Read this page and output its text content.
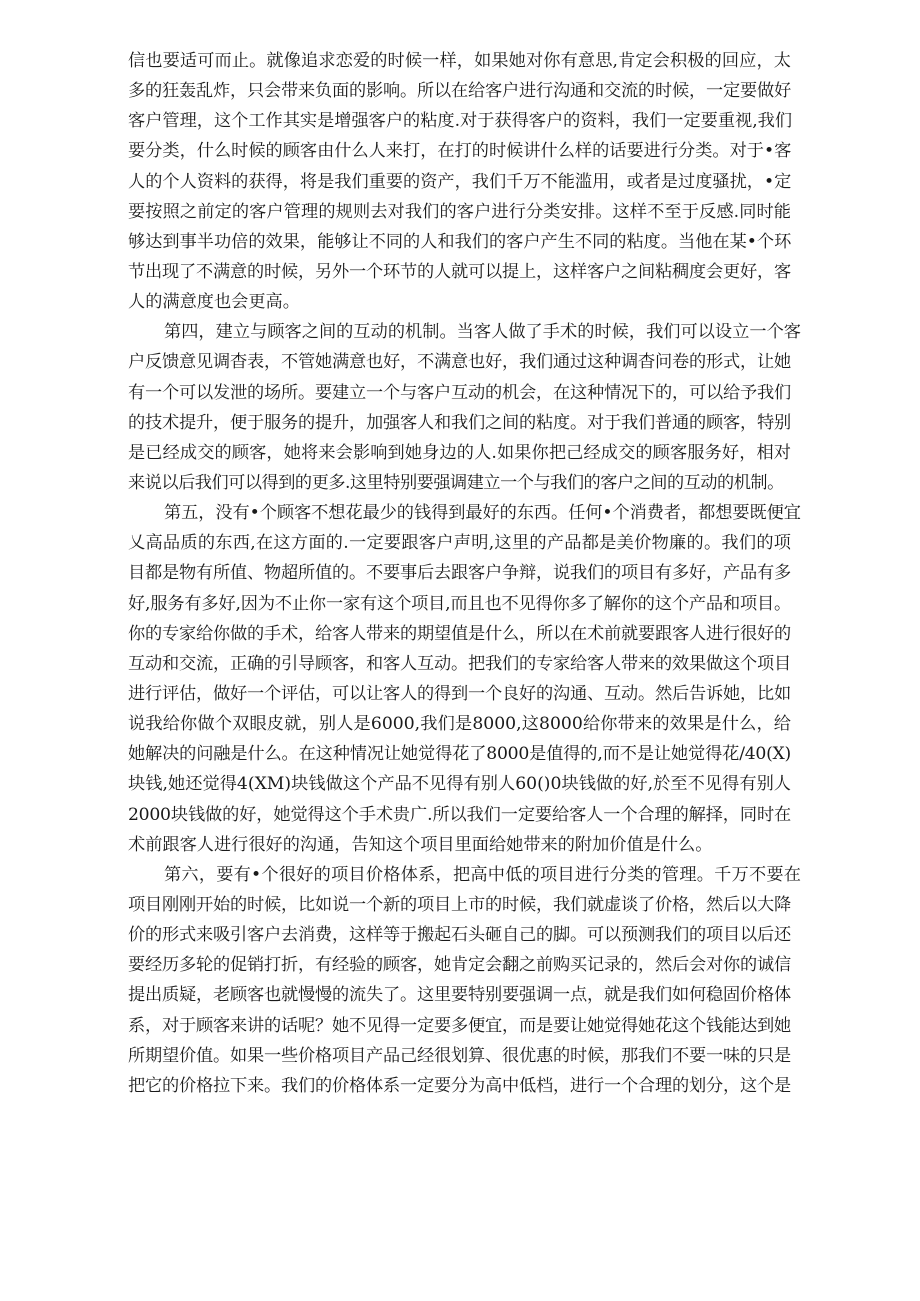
信也要适可而止。就像追求恋爱的时候一样，如果她对你有意思,肯定会积极的回应，太
多的狂轰乱炸，只会带来负面的影响。所以在给客户进行沟通和交流的时候，一定要做好
客户管理，这个工作其实是增强客户的粘度.对于获得客户的资料，我们一定要重视,我们
要分类，什么时候的顾客由什么人来打，在打的时候讲什么样的话要进行分类。对于•客
人的个人资料的获得，将是我们重要的资产，我们千万不能滥用，或者是过度骚扰，•定
要按照之前定的客户管理的规则去对我们的客户进行分类安排。这样不至于反感.同时能
够达到事半功倍的效果，能够让不同的人和我们的客户产生不同的粘度。当他在某•个环
节出现了不满意的时候，另外一个环节的人就可以提上，这样客户之间粘稠度会更好，客
人的满意度也会更高。
第四，建立与顾客之间的互动的机制。当客人做了手术的时候，我们可以设立一个客
户反馈意见调杳表，不管她满意也好，不满意也好，我们通过这种调杳问卷的形式，让她
有一个可以发泄的场所。要建立一个与客户互动的机会，在这种情况下的，可以给予我们
的技术提升，便于服务的提升，加强客人和我们之间的粘度。对于我们普通的顾客，特别
是已经成交的顾客，她将来会影响到她身边的人.如果你把己经成交的顾客服务好，相对
来说以后我们可以得到的更多.这里特别要强调建立一个与我们的客户之间的互动的机制。
第五，没有•个顾客不想花最少的钱得到最好的东西。任何•个消费者，都想要既便宜
乂高品质的东西,在这方面的.一定要跟客户声明,这里的产品都是美价物廉的。我们的项
目都是物有所值、物超所值的。不要事后去跟客户争辩，说我们的项目有多好，产品有多
好,服务有多好,因为不止你一家有这个项目,而且也不见得你多了解你的这个产品和项目。
你的专家给你做的手术，给客人带来的期望值是什么，所以在术前就要跟客人进行很好的
互动和交流，正确的引导顾客，和客人互动。把我们的专家给客人带来的效果做这个项目
进行评估，做好一个评估，可以让客人的得到一个良好的沟通、互动。然后告诉她，比如
说我给你做个双眼皮就，别人是6000,我们是8000,这8000给你带来的效果是什么，给
她解决的问融是什么。在这种情况让她觉得花了8000是值得的,而不是让她觉得花/40(X)
块钱,她还觉得4(XM)块钱做这个产品不见得有别人60()0块钱做的好,於至不见得有别人
2000块钱做的好，她觉得这个手术贵广.所以我们一定要给客人一个合理的解择，同时在
术前跟客人进行很好的沟通，告知这个项目里面给她带来的附加价值是什么。
第六，要有•个很好的项目价格体系，把高中低的项目进行分类的管理。千万不要在
项目刚刚开始的时候，比如说一个新的项目上市的时候，我们就虚谈了价格，然后以大降
价的形式来吸引客户去消费，这样等于搬起石头砸自己的脚。可以预测我们的项目以后还
要经历多轮的促销打折，有经验的顾客，她肯定会翻之前购买记录的，然后会对你的诚信
提出质疑，老顾客也就慢慢的流失了。这里要特别要强调一点，就是我们如何稳固价格体
系，对于顾客来讲的话呢？她不见得一定要多便宜，而是要让她觉得她花这个钱能达到她
所期望价值。如果一些价格项目产品己经很划算、很优惠的时候，那我们不要一味的只是
把它的价格拉下来。我们的价格体系一定要分为高中低档，进行一个合理的划分，这个是
